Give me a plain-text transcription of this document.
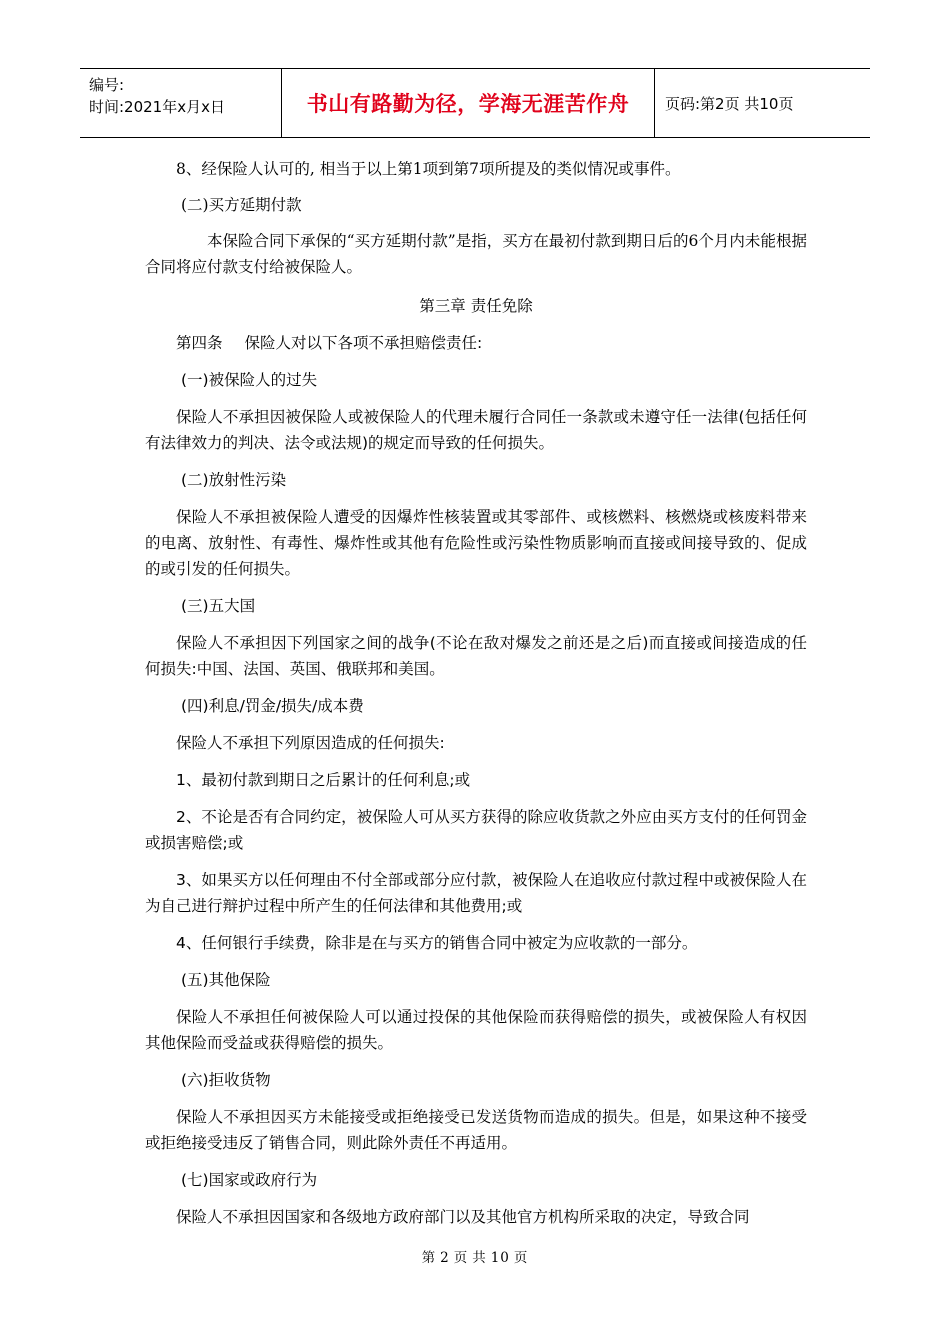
编号:
时间:2021年x月x日	书山有路勤为径，学海无涯苦作舟 页码:第2页 共10页

8、经保险人认可的, 相当于以上第1项到第7项所提及的类似情况或事件。

(二)买方延期付款

本保险合同下承保的“买方延期付款”是指，买方在最初付款到期日后的6个月内未能根据合同将应付款支付给被保险人。

第三章 责任免除

第四条 保险人对以下各项不承担赔偿责任:

(一)被保险人的过失

保险人不承担因被保险人或被保险人的代理未履行合同任一条款或未遵守任一法律(包括任何有法律效力的判决、法令或法规)的规定而导致的任何损失。

(二)放射性污染

保险人不承担被保险人遭受的因爆炸性核装置或其零部件、或核燃料、核燃烧或核废料带来的电离、放射性、有毒性、爆炸性或其他有危险性或污染性物质影响而直接或间接导致的、促成的或引发的任何损失。

(三)五大国

保险人不承担因下列国家之间的战争(不论在敌对爆发之前还是之后)而直接或间接造成的任何损失:中国、法国、英国、俄联邦和美国。

(四)利息/罚金/损失/成本费

保险人不承担下列原因造成的任何损失:

1、最初付款到期日之后累计的任何利息;或

2、不论是否有合同约定，被保险人可从买方获得的除应收货款之外应由买方支付的任何罚金或损害赔偿;或

3、如果买方以任何理由不付全部或部分应付款，被保险人在追收应付款过程中或被保险人在为自己进行辩护过程中所产生的任何法律和其他费用;或

4、任何银行手续费，除非是在与买方的销售合同中被定为应收款的一部分。

(五)其他保险

保险人不承担任何被保险人可以通过投保的其他保险而获得赔偿的损失，或被保险人有权因其他保险而受益或获得赔偿的损失。

(六)拒收货物

保险人不承担因买方未能接受或拒绝接受已发送货物而造成的损失。但是，如果这种不接受或拒绝接受违反了销售合同，则此除外责任不再适用。

(七)国家或政府行为

保险人不承担因国家和各级地方政府部门以及其他官方机构所采取的决定，导致合同

第 2 页 共 10 页
